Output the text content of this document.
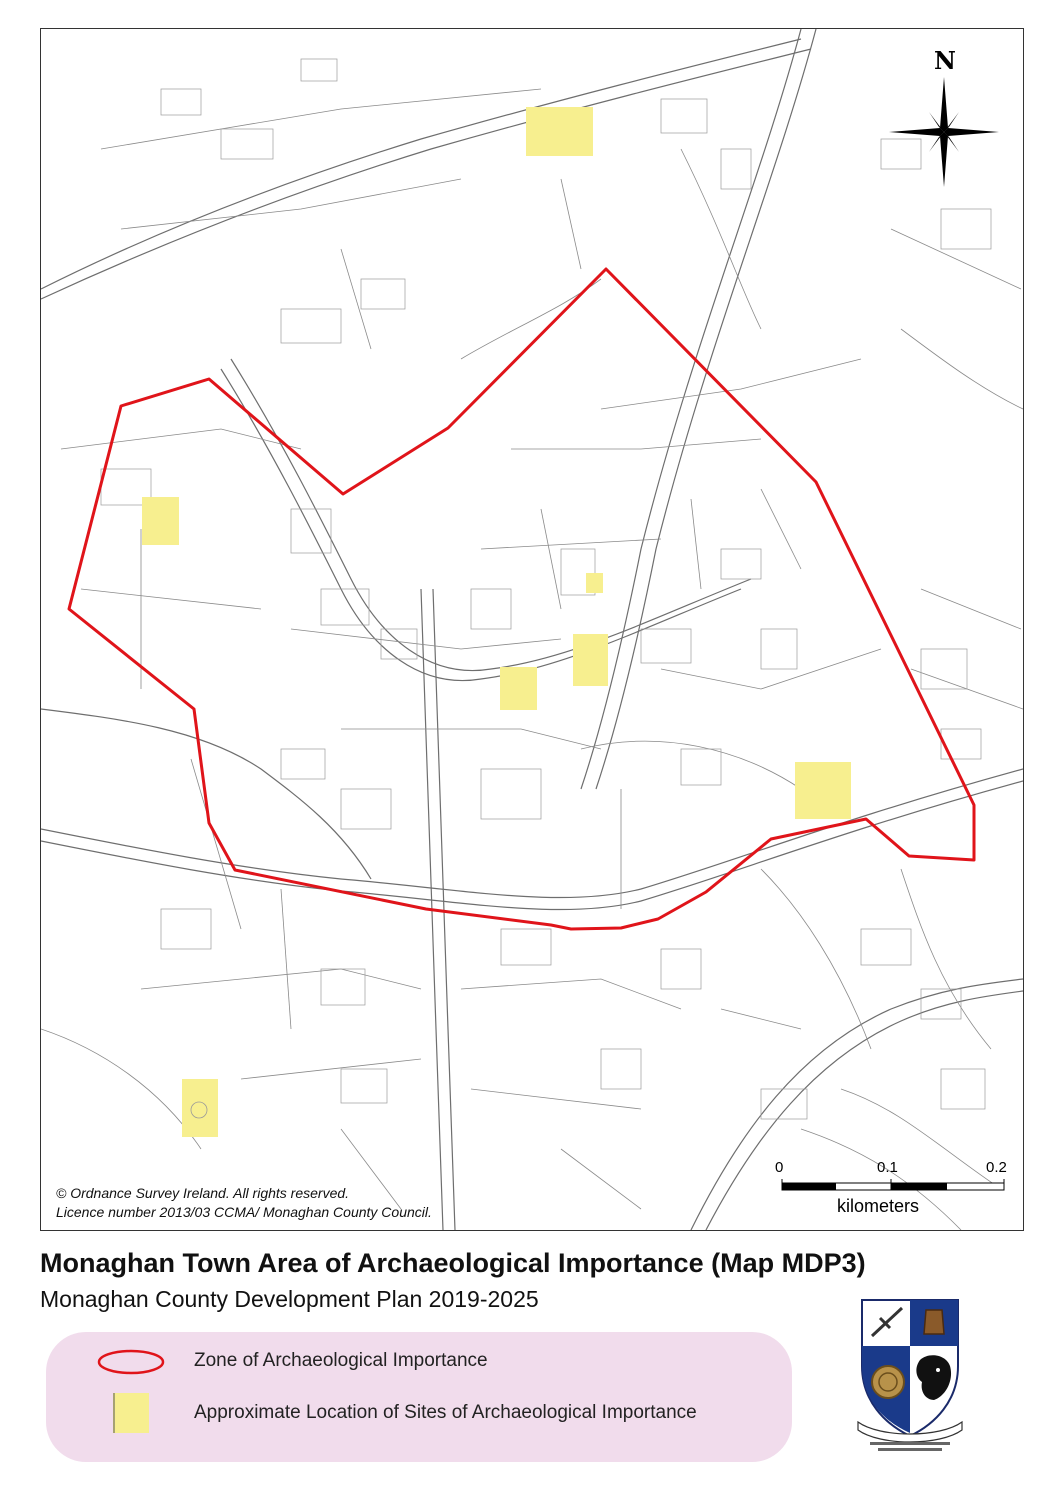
N
© Ordnance Survey Ireland. All rights reserved.
Licence number 2013/03 CCMA/ Monaghan County Council.
0	0.1	0.2
kilometers
Monaghan Town Area of Archaeological Importance (Map MDP3)
Monaghan County Development Plan 2019-2025
Zone of Archaeological Importance
Approximate Location of Sites of Archaeological Importance
